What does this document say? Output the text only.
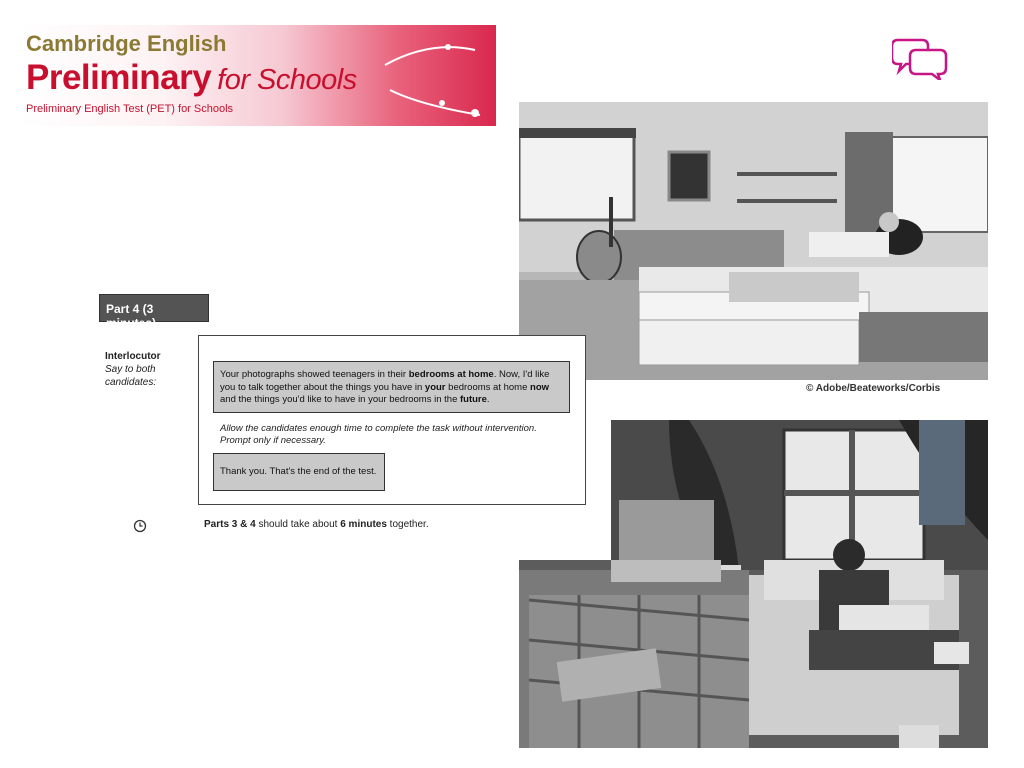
Cambridge English
Preliminary for Schools
Preliminary English Test (PET) for Schools
© Adobe/Beateworks/Corbis
Part 4 (3 minutes)
Interlocutor
Say to both candidates:
Your photographs showed teenagers in their bedrooms at home. Now, I'd like you to talk together about the things you have in your bedrooms at home now and the things you'd like to have in your bedrooms in the future.
Allow the candidates enough time to complete the task without intervention. Prompt only if necessary.
Thank you. That's the end of the test.
Parts 3 & 4 should take about 6 minutes together.
